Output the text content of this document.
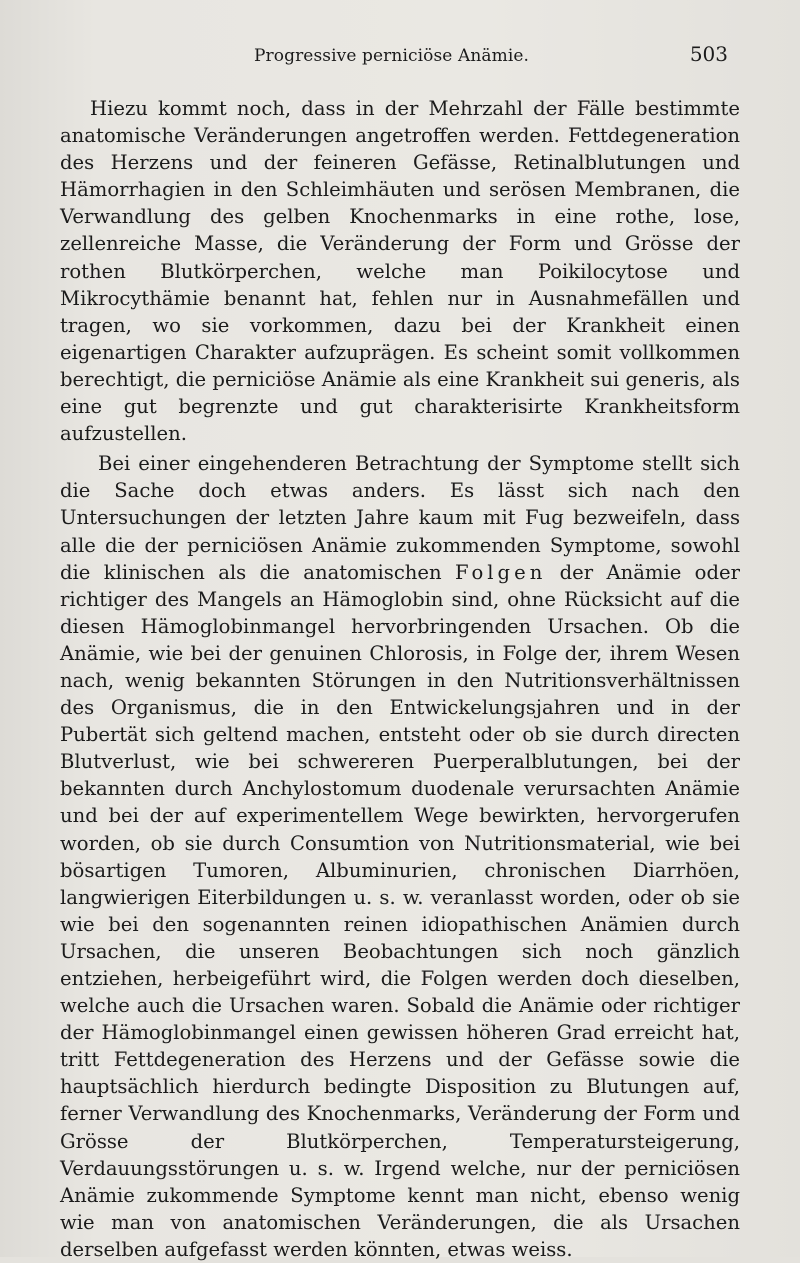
Progressive perniciöse Anämie.	503

Hiezu kommt noch, dass in der Mehrzahl der Fälle bestimmte anatomische Veränderungen angetroffen werden. Fettdegeneration des Herzens und der feineren Gefässe, Retinalblutungen und Hämorrhagien in den Schleimhäuten und serösen Membranen, die Verwandlung des gelben Knochenmarks in eine rothe, lose, zellenreiche Masse, die Veränderung der Form und Grösse der rothen Blutkörperchen, welche man Poikilocytose und Mikrocythämie benannt hat, fehlen nur in Ausnahmefällen und tragen, wo sie vorkommen, dazu bei der Krankheit einen eigenartigen Charakter aufzuprägen. Es scheint somit vollkommen berechtigt, die perniciöse Anämie als eine Krankheit sui generis, als eine gut begrenzte und gut charakterisirte Krankheitsform aufzustellen.

Bei einer eingehenderen Betrachtung der Symptome stellt sich die Sache doch etwas anders. Es lässt sich nach den Untersuchungen der letzten Jahre kaum mit Fug bezweifeln, dass alle die der perniciösen Anämie zukommenden Symptome, sowohl die klinischen als die anatomischen Folgen der Anämie oder richtiger des Mangels an Hämoglobin sind, ohne Rücksicht auf die diesen Hämoglobinmangel hervorbringenden Ursachen. Ob die Anämie, wie bei der genuinen Chlorosis, in Folge der, ihrem Wesen nach, wenig bekannten Störungen in den Nutritionsverhältnissen des Organismus, die in den Entwickelungsjahren und in der Pubertät sich geltend machen, entsteht oder ob sie durch directen Blutverlust, wie bei schwereren Puerperalblutungen, bei der bekannten durch Anchylostomum duodenale verursachten Anämie und bei der auf experimentellem Wege bewirkten, hervorgerufen worden, ob sie durch Consumtion von Nutritionsmaterial, wie bei bösartigen Tumoren, Albuminurien, chronischen Diarrhöen, langwierigen Eiterbildungen u. s. w. veranlasst worden, oder ob sie wie bei den sogenannten reinen idiopathischen Anämien durch Ursachen, die unseren Beobachtungen sich noch gänzlich entziehen, herbeigeführt wird, die Folgen werden doch dieselben, welche auch die Ursachen waren. Sobald die Anämie oder richtiger der Hämoglobinmangel einen gewissen höheren Grad erreicht hat, tritt Fettdegeneration des Herzens und der Gefässe sowie die hauptsächlich hierdurch bedingte Disposition zu Blutungen auf, ferner Verwandlung des Knochenmarks, Veränderung der Form und Grösse der Blutkörperchen, Temperatursteigerung, Verdauungsstörungen u. s. w. Irgend welche, nur der perniciösen Anämie zukommende Symptome kennt man nicht, ebenso wenig wie man von anatomischen Veränderungen, die als Ursachen derselben aufgefasst werden könnten, etwas weiss.
